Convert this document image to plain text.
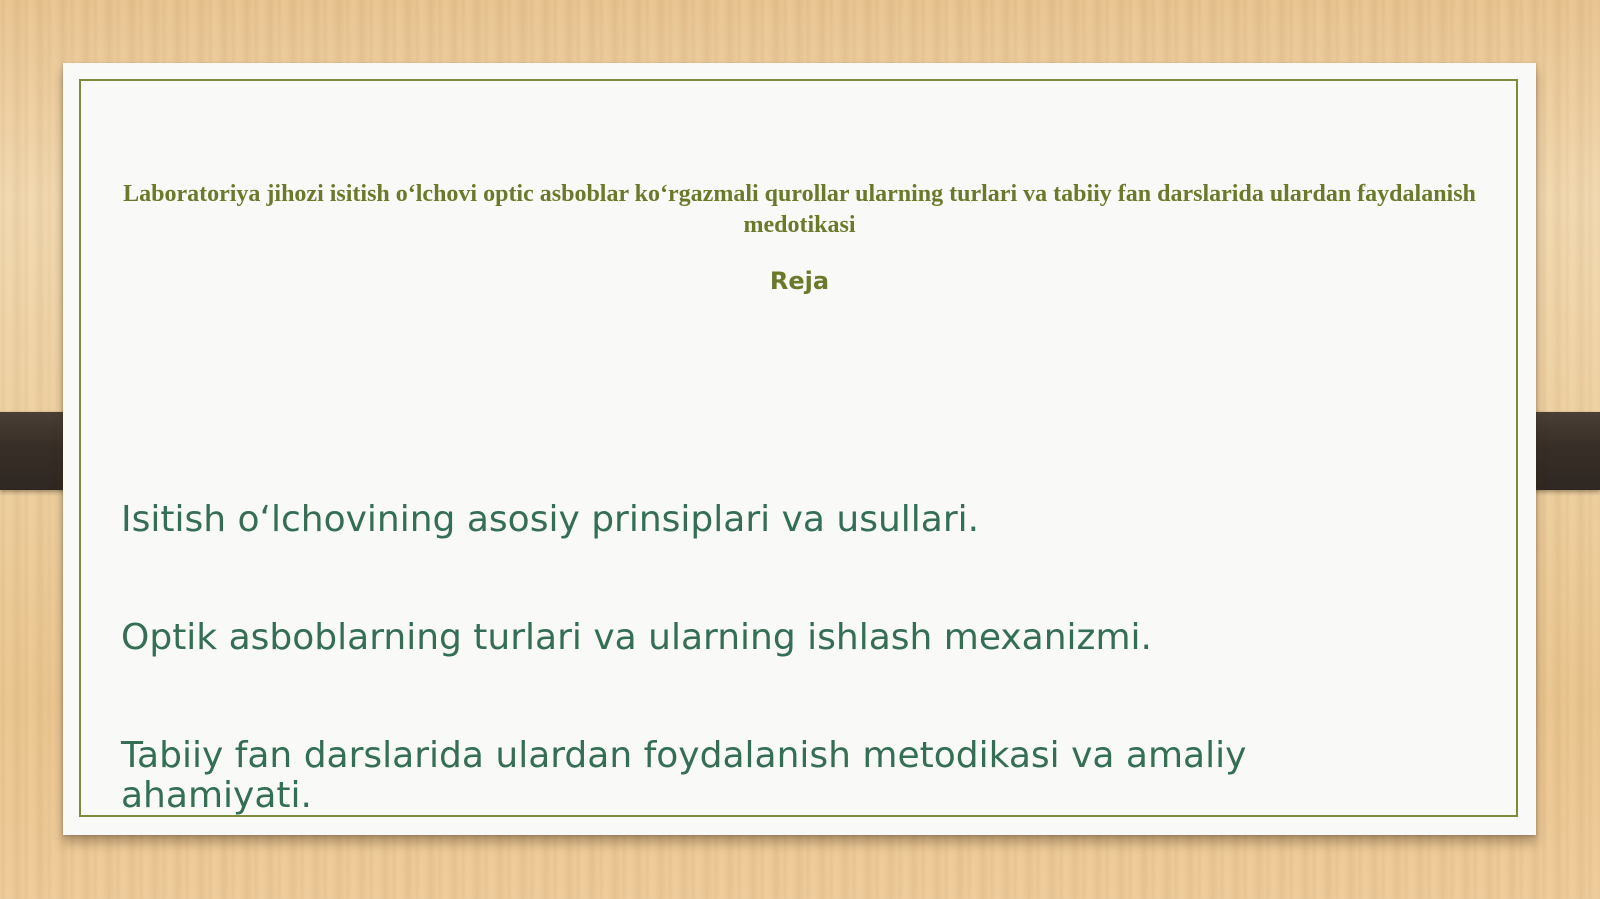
Laboratoriya jihozi isitish o‘lchovi optic asboblar ko‘rgazmali qurollar ularning turlari va tabiiy fan darslarida ulardan faydalanish medotikasi
Reja
Isitish oʻlchovining asosiy prinsiplari va usullari.
Optik asboblarning turlari va ularning ishlash mexanizmi.
Tabiiy fan darslarida ulardan foydalanish metodikasi va amaliy ahamiyati.
